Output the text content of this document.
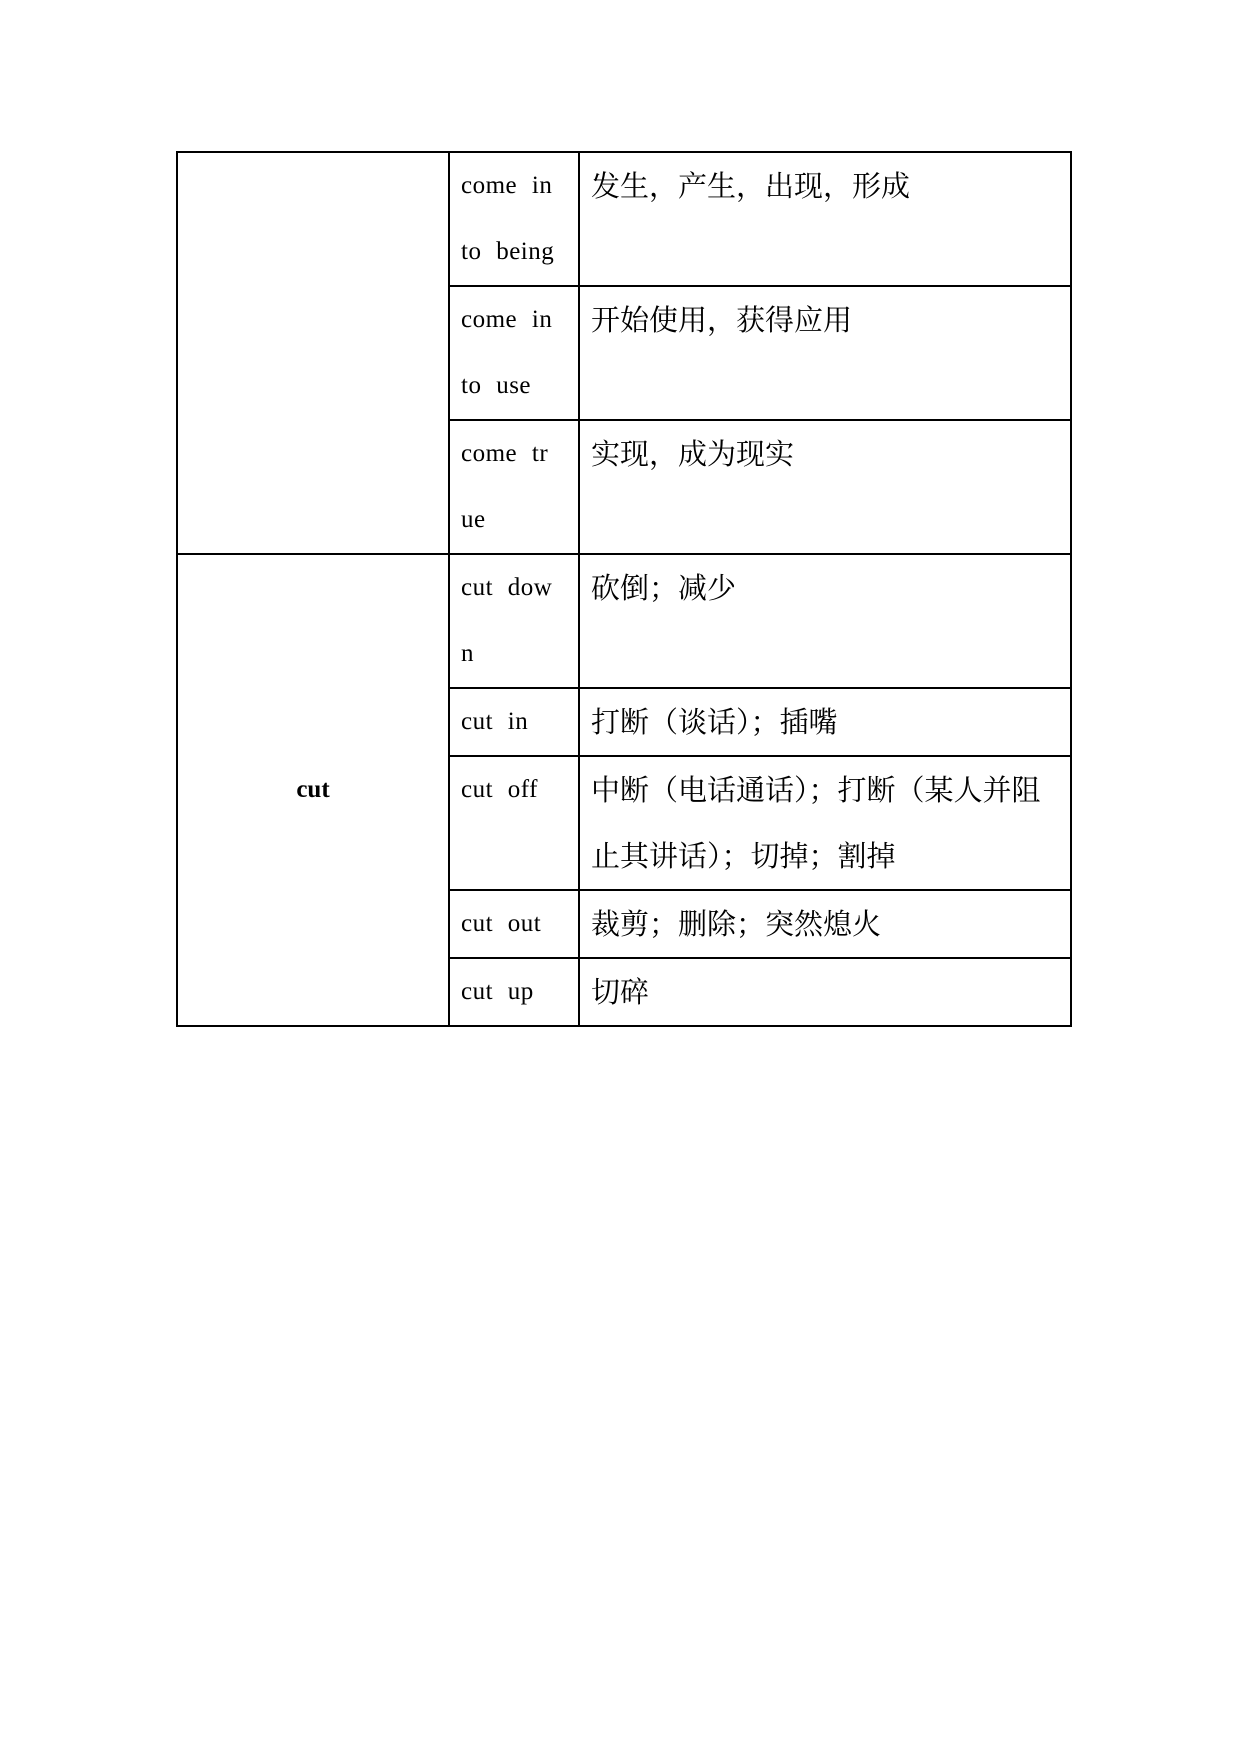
	come in to being	发生，产生，出现，形成
	come in to use	开始使用，获得应用
	come tr ue	实现，成为现实
cut	cut dow n	砍倒；减少
	cut in	打断（谈话）；插嘴
	cut off	中断（电话通话）；打断（某人并阻止其讲话）；切掉；割掉
	cut out	裁剪；删除；突然熄火
	cut up	切碎
